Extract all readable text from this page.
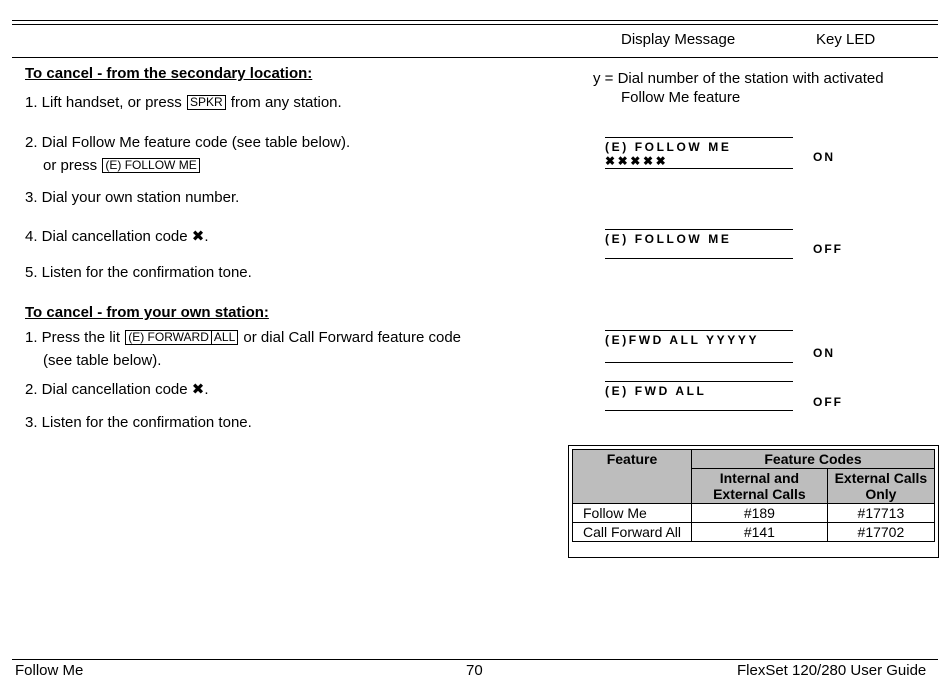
Display Message	Key LED
y = Dial number of the station with activated
Follow Me feature
To cancel - from the secondary location:
1. Lift handset, or press SPKR from any station.
2. Dial Follow Me feature code (see table below).
or press (E) FOLLOW ME
3. Dial your own station number.
4. Dial cancellation code ✖.
5. Listen for the confirmation tone.
To cancel - from your own station:
1. Press the lit (E) FORWARD ALL or dial Call Forward feature code
(see table below).
2. Dial cancellation code ✖.
3. Listen for the confirmation tone.
(E) FOLLOW ME ✖✖✖✖✖	ON
(E) FOLLOW ME
OFF
(E)FWD ALL YYYYY
ON
(E) FWD ALL
OFF
Feature	Feature Codes	
	Internal and External Calls	External Calls Only
Follow Me	#189	#17713
Call Forward All	#141	#17702
Follow Me	70	FlexSet 120/280 User Guide
